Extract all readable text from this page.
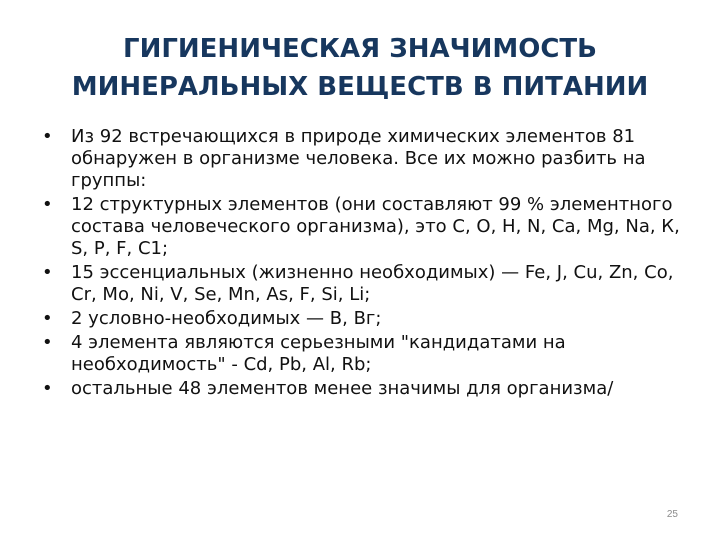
ГИГИЕНИЧЕСКАЯ ЗНАЧИМОСТЬ
МИНЕРАЛЬНЫХ ВЕЩЕСТВ В ПИТАНИИ
•	Из 92 встречающихся в природе химических элементов 81 обнаружен в организме человека. Все их можно разбить на группы:
•	12 структурных элементов (они составляют 99 % элементного состава человеческого организма), это С, О, Н, N, Са, Mg, Na, К, S, Р, F, C1;
•	15 эссенциальных (жизненно необходимых) — Fe, J, Cu, Zn, Co, Cr, Mo, Ni, V, Se, Mn, As, F, Si, Li;
•	2 условно-необходимых — В, Вг;
•	4 элемента являются серьезными "кандидатами на необходимость" - Cd, Pb, Al, Rb;
•	остальные 48 элементов менее значимы для организма/
25
